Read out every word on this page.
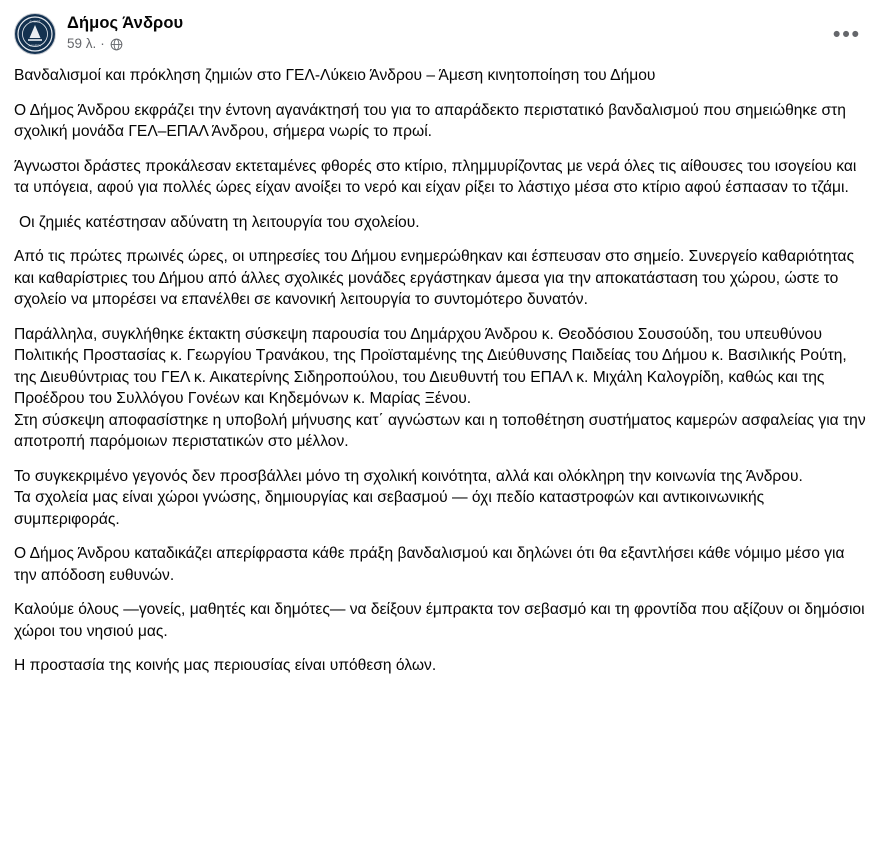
ΔΗΜΟΣ
ΑΝΔΡΟΥ
Δήμος Άνδρου
59 λ. ·	•••

Βανδαλισμοί και πρόκληση ζημιών στο ΓΕΛ-Λύκειο Άνδρου – Άμεση κινητοποίηση του Δήμου

Ο Δήμος Άνδρου εκφράζει την έντονη αγανάκτησή του για το απαράδεκτο περιστατικό βανδαλισμού που σημειώθηκε στη σχολική μονάδα ΓΕΛ–ΕΠΑΛ Άνδρου, σήμερα νωρίς το πρωί.

Άγνωστοι δράστες προκάλεσαν εκτεταμένες φθορές στο κτίριο, πλημμυρίζοντας με νερά όλες τις αίθουσες του ισογείου και τα υπόγεια, αφού για πολλές ώρες είχαν ανοίξει το νερό και είχαν ρίξει το λάστιχο μέσα στο κτίριο αφού έσπασαν το τζάμι.

Οι ζημιές κατέστησαν αδύνατη τη λειτουργία του σχολείου.

Από τις πρώτες πρωινές ώρες, οι υπηρεσίες του Δήμου ενημερώθηκαν και έσπευσαν στο σημείο. Συνεργείο καθαριότητας και καθαρίστριες του Δήμου από άλλες σχολικές μονάδες εργάστηκαν άμεσα για την αποκατάσταση του χώρου, ώστε το σχολείο να μπορέσει να επανέλθει σε κανονική λειτουργία το συντομότερο δυνατόν.

Παράλληλα, συγκλήθηκε έκτακτη σύσκεψη παρουσία του Δημάρχου Άνδρου κ. Θεοδόσιου Σουσούδη, του υπευθύνου Πολιτικής Προστασίας κ. Γεωργίου Τρανάκου, της Προϊσταμένης της Διεύθυνσης Παιδείας του Δήμου κ. Βασιλικής Ρούτη, της Διευθύντριας του ΓΕΛ κ. Αικατερίνης Σιδηροπούλου, του Διευθυντή του ΕΠΑΛ κ. Μιχάλη Καλογρίδη, καθώς και της Προέδρου του Συλλόγου Γονέων και Κηδεμόνων κ. Μαρίας Ξένου.

Στη σύσκεψη αποφασίστηκε η υποβολή μήνυσης κατ΄ αγνώστων και η τοποθέτηση συστήματος καμερών ασφαλείας για την αποτροπή παρόμοιων περιστατικών στο μέλλον.

Το συγκεκριμένο γεγονός δεν προσβάλλει μόνο τη σχολική κοινότητα, αλλά και ολόκληρη την κοινωνία της Άνδρου.

Τα σχολεία μας είναι χώροι γνώσης, δημιουργίας και σεβασμού — όχι πεδίο καταστροφών και αντικοινωνικής συμπεριφοράς.

Ο Δήμος Άνδρου καταδικάζει απερίφραστα κάθε πράξη βανδαλισμού και δηλώνει ότι θα εξαντλήσει κάθε νόμιμο μέσο για την απόδοση ευθυνών.

Καλούμε όλους —γονείς, μαθητές και δημότες— να δείξουν έμπρακτα τον σεβασμό και τη φροντίδα που αξίζουν οι δημόσιοι χώροι του νησιού μας.

Η προστασία της κοινής μας περιουσίας είναι υπόθεση όλων.
